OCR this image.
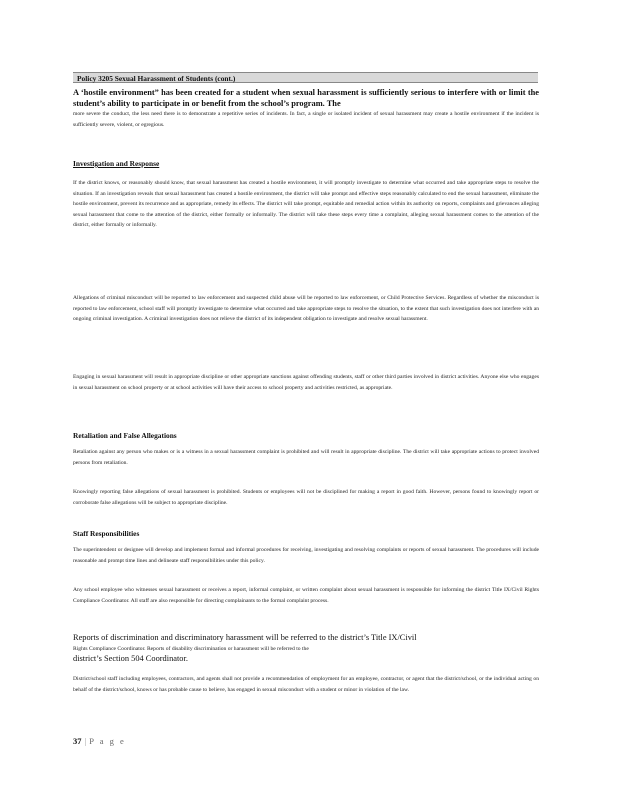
Policy 3205 Sexual Harassment of Students (cont.)
A ‘hostile environment” has been created for a student when sexual harassment is sufficiently serious to interfere with or limit the student’s ability to participate in or benefit from the school’s program. The
more severe the conduct, the less need there is to demonstrate a repetitive series of incidents. In fact, a single or isolated incident of sexual harassment may create a hostile environment if the incident is sufficiently severe, violent, or egregious.
Investigation and Response
If the district knows, or reasonably should know, that sexual harassment has created a hostile environment, it will promptly investigate to determine what occurred and take appropriate steps to resolve the situation. If an investigation reveals that sexual harassment has created a hostile environment, the district will take prompt and effective steps reasonably calculated to end the sexual harassment, eliminate the hostile environment, prevent its recurrence and as appropriate, remedy its effects. The district will take prompt, equitable and remedial action within its authority on reports, complaints and grievances alleging sexual harassment that come to the attention of the district, either formally or informally. The district will take these steps every time a complaint, alleging sexual harassment comes to the attention of the district, either formally or informally.
Allegations of criminal misconduct will be reported to law enforcement and suspected child abuse will be reported to law enforcement, or Child Protective Services. Regardless of whether the misconduct is reported to law enforcement, school staff will promptly investigate to determine what occurred and take appropriate steps to resolve the situation, to the extent that such investigation does not interfere with an ongoing criminal investigation. A criminal investigation does not relieve the district of its independent obligation to investigate and resolve sexual harassment.
Engaging in sexual harassment will result in appropriate discipline or other appropriate sanctions against offending students, staff or other third parties involved in district activities. Anyone else who engages in sexual harassment on school property or at school activities will have their access to school property and activities restricted, as appropriate.
Retaliation and False Allegations
Retaliation against any person who makes or is a witness in a sexual harassment complaint is prohibited and will result in appropriate discipline. The district will take appropriate actions to protect involved persons from retaliation.
Knowingly reporting false allegations of sexual harassment is prohibited. Students or employees will not be disciplined for making a report in good faith. However, persons found to knowingly report or corroborate false allegations will be subject to appropriate discipline.
Staff Responsibilities
The superintendent or designee will develop and implement formal and informal procedures for receiving, investigating and resolving complaints or reports of sexual harassment. The procedures will include reasonable and prompt time lines and delineate staff responsibilities under this policy.
Any school employee who witnesses sexual harassment or receives a report, informal complaint, or written complaint about sexual harassment is responsible for informing the district Title IX/Civil Rights Compliance Coordinator. All staff are also responsible for directing complainants to the formal complaint process.
Reports of discrimination and discriminatory harassment will be referred to the district’s Title IX/Civil
Rights Compliance Coordinator. Reports of disability discrimination or harassment will be referred to the
district’s Section 504 Coordinator.
District/school staff including employees, contractors, and agents shall not provide a recommendation of employment for an employee, contractor, or agent that the district/school, or the individual acting on behalf of the district/school, knows or has probable cause to believe, has engaged in sexual misconduct with a student or minor in violation of the law.
37 | P a g e
